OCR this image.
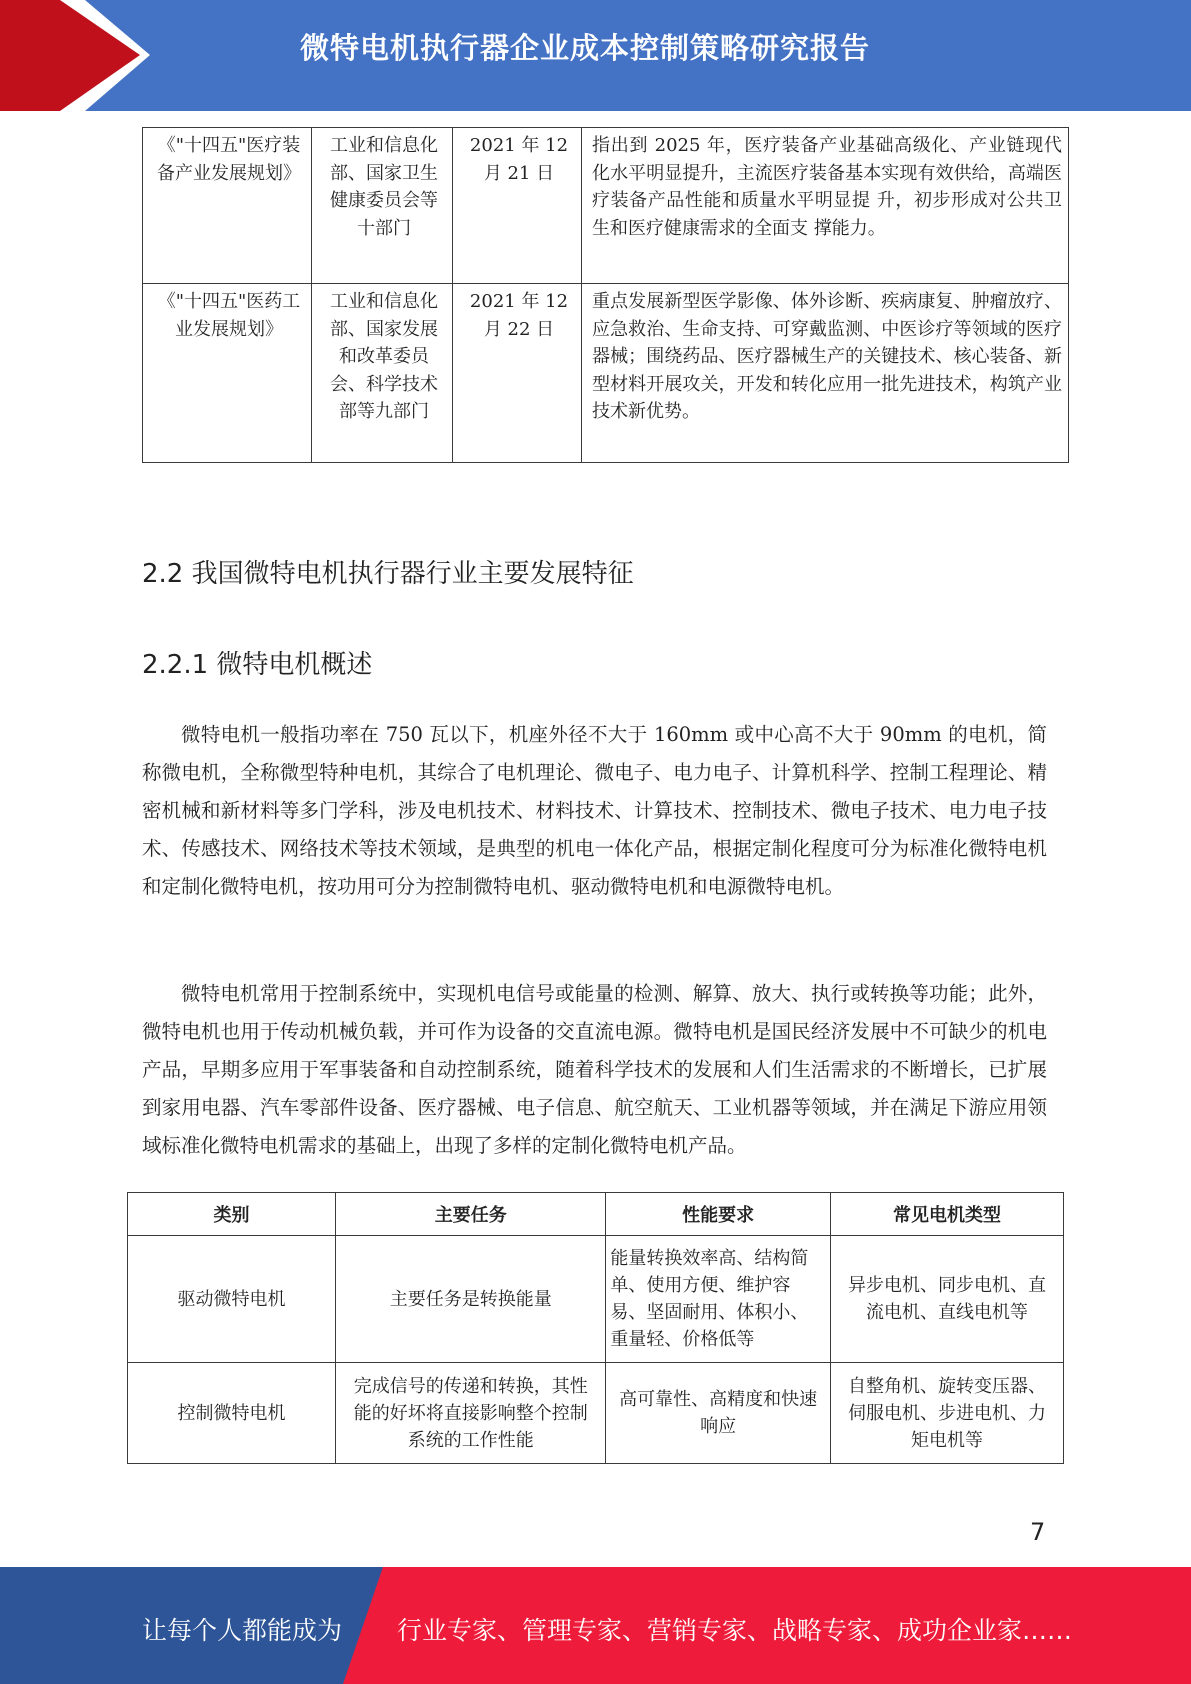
微特电机执行器企业成本控制策略研究报告
《"十四五"医疗装备产业发展规划》	工业和信息化部、国家卫生健康委员会等十部门	2021 年 12 月 21 日	指出到 2025 年，医疗装备产业基础高级化、产业链现代化水平明显提升，主流医疗装备基本实现有效供给，高端医疗装备产品性能和质量水平明显提 升，初步形成对公共卫生和医疗健康需求的全面支 撑能力。
《"十四五"医药工业发展规划》	工业和信息化部、国家发展和改革委员会、科学技术部等九部门	2021 年 12 月 22 日	重点发展新型医学影像、体外诊断、疾病康复、肿瘤放疗、应急救治、生命支持、可穿戴监测、中医诊疗等领域的医疗器械；围绕药品、医疗器械生产的关键技术、核心装备、新型材料开展攻关，开发和转化应用一批先进技术，构筑产业技术新优势。
2.2 我国微特电机执行器行业主要发展特征
2.2.1 微特电机概述

微特电机一般指功率在 750 瓦以下，机座外径不大于 160mm 或中心高不大于 90mm 的电机，简称微电机，全称微型特种电机，其综合了电机理论、微电子、电力电子、计算机科学、控制工程理论、精密机械和新材料等多门学科，涉及电机技术、材料技术、计算技术、控制技术、微电子技术、电力电子技术、传感技术、网络技术等技术领域，是典型的机电一体化产品，根据定制化程度可分为标准化微特电机和定制化微特电机，按功用可分为控制微特电机、驱动微特电机和电源微特电机。

微特电机常用于控制系统中，实现机电信号或能量的检测、解算、放大、执行或转换等功能；此外，微特电机也用于传动机械负载，并可作为设备的交直流电源。微特电机是国民经济发展中不可缺少的机电产品，早期多应用于军事装备和自动控制系统，随着科学技术的发展和人们生活需求的不断增长，已扩展到家用电器、汽车零部件设备、医疗器械、电子信息、航空航天、工业机器等领域，并在满足下游应用领域标准化微特电机需求的基础上，出现了多样的定制化微特电机产品。

类别	主要任务	性能要求	常见电机类型
驱动微特电机	主要任务是转换能量	能量转换效率高、结构简单、使用方便、维护容易、坚固耐用、体积小、重量轻、价格低等	异步电机、同步电机、直流电机、直线电机等
控制微特电机	完成信号的传递和转换，其性能的好坏将直接影响整个控制系统的工作性能	高可靠性、高精度和快速响应	自整角机、旋转变压器、伺服电机、步进电机、力矩电机等
7
让每个人都能成为 行业专家、管理专家、营销专家、战略专家、成功企业家……
